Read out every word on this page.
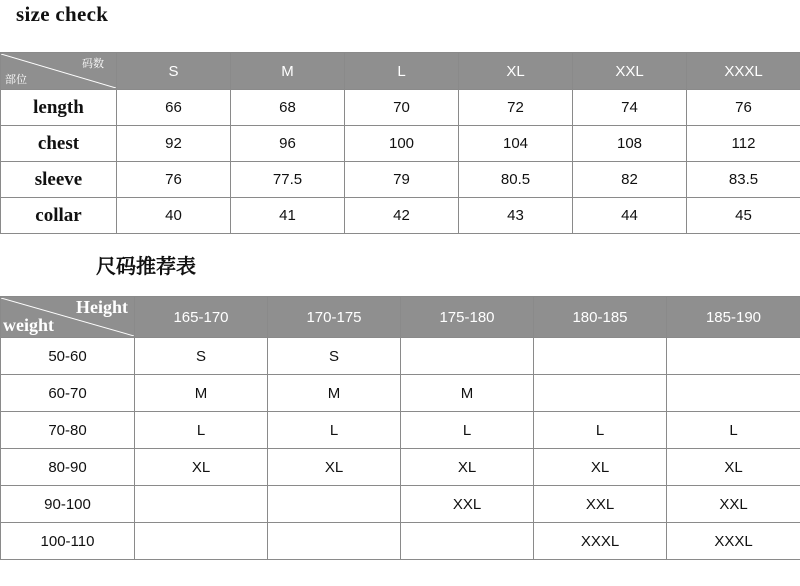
size check
码数
部位	S	M	L	XL	XXL	XXXL
length	66	68	70	72	74	76
chest	92	96	100	104	108	112
sleeve	76	77.5	79	80.5	82	83.5
collar	40	41	42	43	44	45
尺码推荐表
Height
weight	165-170	170-175	175-180	180-185	185-190
50-60	S	S			
60-70	M	M	M		
70-80	L	L	L	L	L
80-90	XL	XL	XL	XL	XL
90-100			XXL	XXL	XXL
100-110				XXXL	XXXL
